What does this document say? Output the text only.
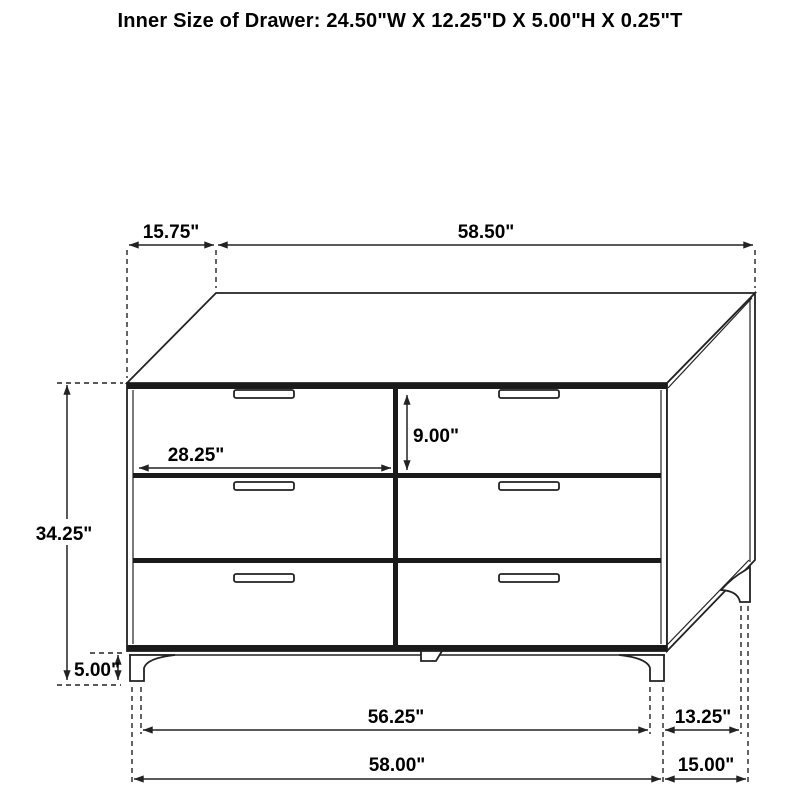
Inner Size of Drawer: 24.50"W X 12.25"D X 5.00"H X 0.25"T
15.75"	58.50"
34.25"
5.00"
28.25"
9.00"
56.25"	13.25"
58.00"	15.00"
